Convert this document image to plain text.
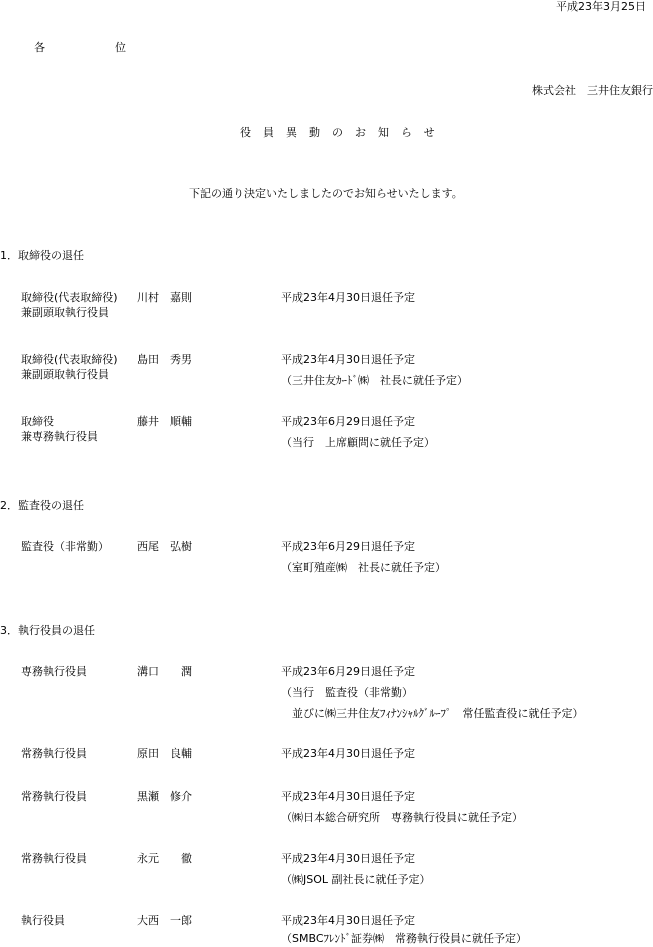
平成23年3月25日
各　　位
株式会社　三井住友銀行
役員異動のお知らせ
下記の通り決定いたしましたのでお知らせいたします。
1．取締役の退任
取締役(代表取締役)
兼副頭取執行役員
川村　嘉則	平成23年4月30日退任予定
取締役(代表取締役)
兼副頭取執行役員
島田　秀男	平成23年4月30日退任予定
（三井住友ｶｰﾄﾞ㈱　社長に就任予定）
取締役
兼専務執行役員
藤井　順輔	平成23年6月29日退任予定
（当行　上席顧問に就任予定）
2．監査役の退任
監査役（非常勤）	西尾　弘樹	平成23年6月29日退任予定
（室町殖産㈱　社長に就任予定）
3．執行役員の退任
専務執行役員	溝口　　潤	平成23年6月29日退任予定
（当行　監査役（非常勤）
　並びに㈱三井住友ﾌｨﾅﾝｼｬﾙｸﾞﾙｰﾌﾟ　常任監査役に就任予定）
常務執行役員	原田　良輔	平成23年4月30日退任予定
常務執行役員	黒瀬　修介	平成23年4月30日退任予定
（㈱日本総合研究所　専務執行役員に就任予定）
常務執行役員	永元　　徹	平成23年4月30日退任予定
（㈱JSOL 副社長に就任予定）
執行役員	大西　一郎	平成23年4月30日退任予定
（SMBCﾌﾚﾝﾄﾞ証券㈱　常務執行役員に就任予定）
